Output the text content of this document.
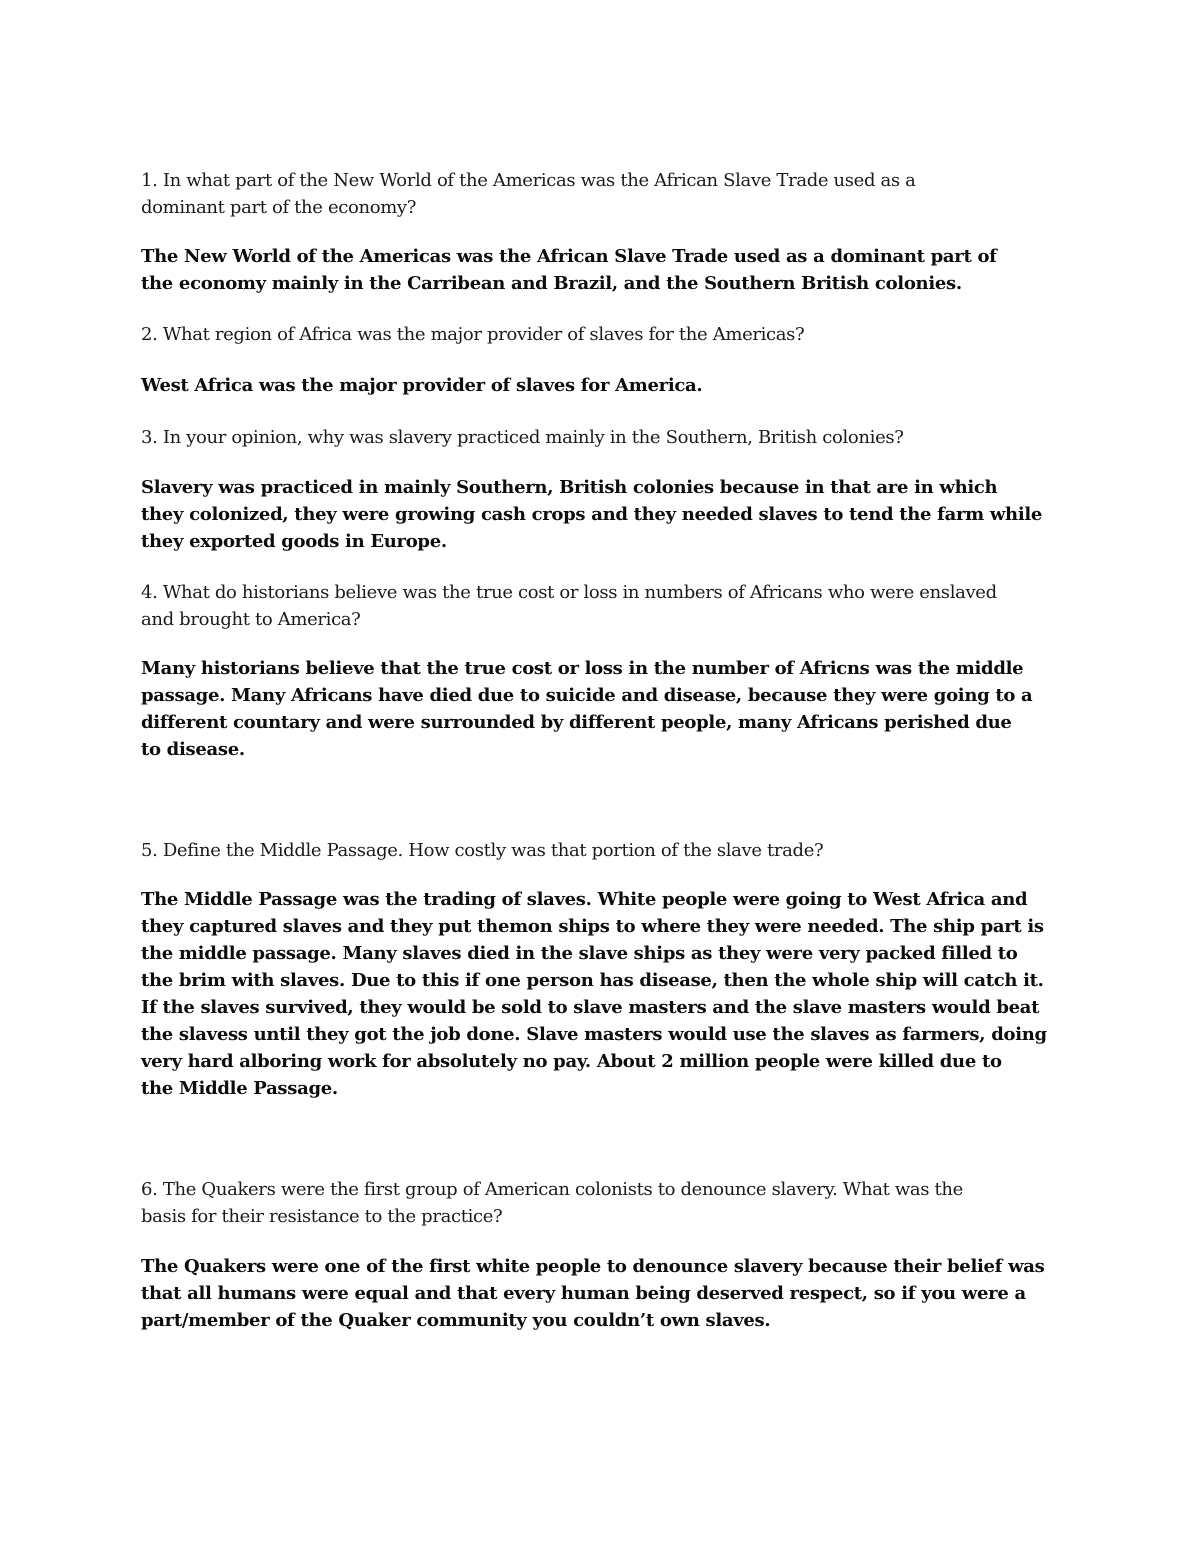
1. In what part of the New World of the Americas was the African Slave Trade used as a
dominant part of the economy?

The New World of the Americas was the African Slave Trade used as a dominant part of
the economy mainly in the Carribean and Brazil, and the Southern British colonies.

2. What region of Africa was the major provider of slaves for the Americas?

West Africa was the major provider of slaves for America.

3. In your opinion, why was slavery practiced mainly in the Southern, British colonies?

Slavery was practiced in mainly Southern, British colonies because in that are in which
they colonized, they were growing cash crops and they needed slaves to tend the farm while
they exported goods in Europe.

4. What do historians believe was the true cost or loss in numbers of Africans who were enslaved
and brought to America?

Many historians believe that the true cost or loss in the number of Africns was the middle
passage. Many Africans have died due to suicide and disease, because they were going to a
different countary and were surrounded by different people, many Africans perished due
to disease.

5. Define the Middle Passage. How costly was that portion of the slave trade?

The Middle Passage was the trading of slaves. White people were going to West Africa and
they captured slaves and they put themon ships to where they were needed. The ship part is
the middle passage. Many slaves died in the slave ships as they were very packed filled to
the brim with slaves. Due to this if one person has disease, then the whole ship will catch it.
If the slaves survived, they would be sold to slave masters and the slave masters would beat
the slavess until they got the job done. Slave masters would use the slaves as farmers, doing
very hard alboring work for absolutely no pay. About 2 million people were killed due to
the Middle Passage.

6. The Quakers were the first group of American colonists to denounce slavery. What was the
basis for their resistance to the practice?

The Quakers were one of the first white people to denounce slavery because their belief was
that all humans were equal and that every human being deserved respect, so if you were a
part/member of the Quaker community you couldn’t own slaves.
